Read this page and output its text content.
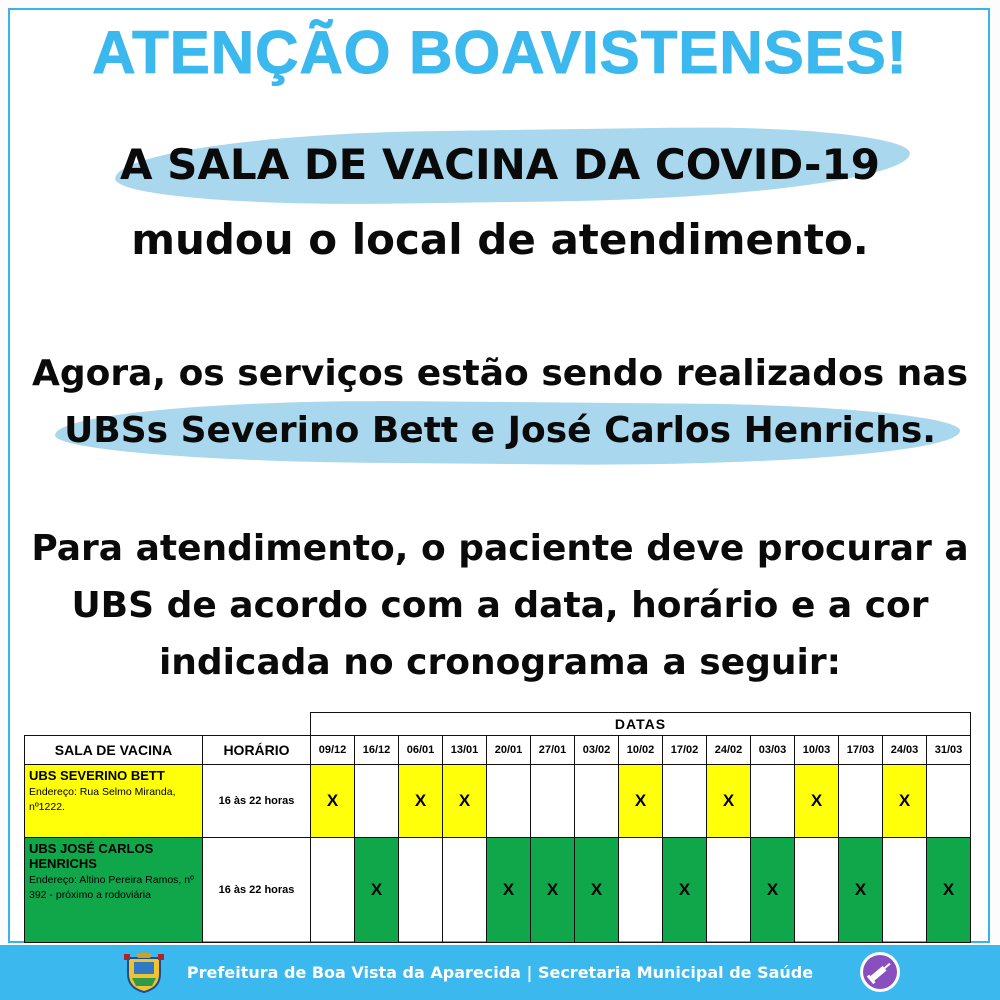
ATENÇÃO BOAVISTENSES!
A SALA DE VACINA DA COVID-19
mudou o local de atendimento.
Agora, os serviços estão sendo realizados nas
UBSs Severino Bett e José Carlos Henrichs.
Para atendimento, o paciente deve procurar a
UBS de acordo com a data, horário e a cor
indicada no cronograma a seguir:
		DATAS														
SALA DE VACINA	HORÁRIO	09/12	16/12	06/01	13/01	20/01	27/01	03/02	10/02	17/02	24/02	03/03	10/03	17/03	24/03	31/03

UBS SEVERINO BETT
Endereço: Rua Selmo Miranda, nº1222.	16 às 22 horas	X		X	X				X		X		X		X	

UBS JOSÉ CARLOS HENRICHS
Endereço: Altino Pereira Ramos, nº 392 - próximo a rodoviária	16 às 22 horas		X			X	X	X		X		X		X		X
Prefeitura de Boa Vista da Aparecida | Secretaria Municipal de Saúde
